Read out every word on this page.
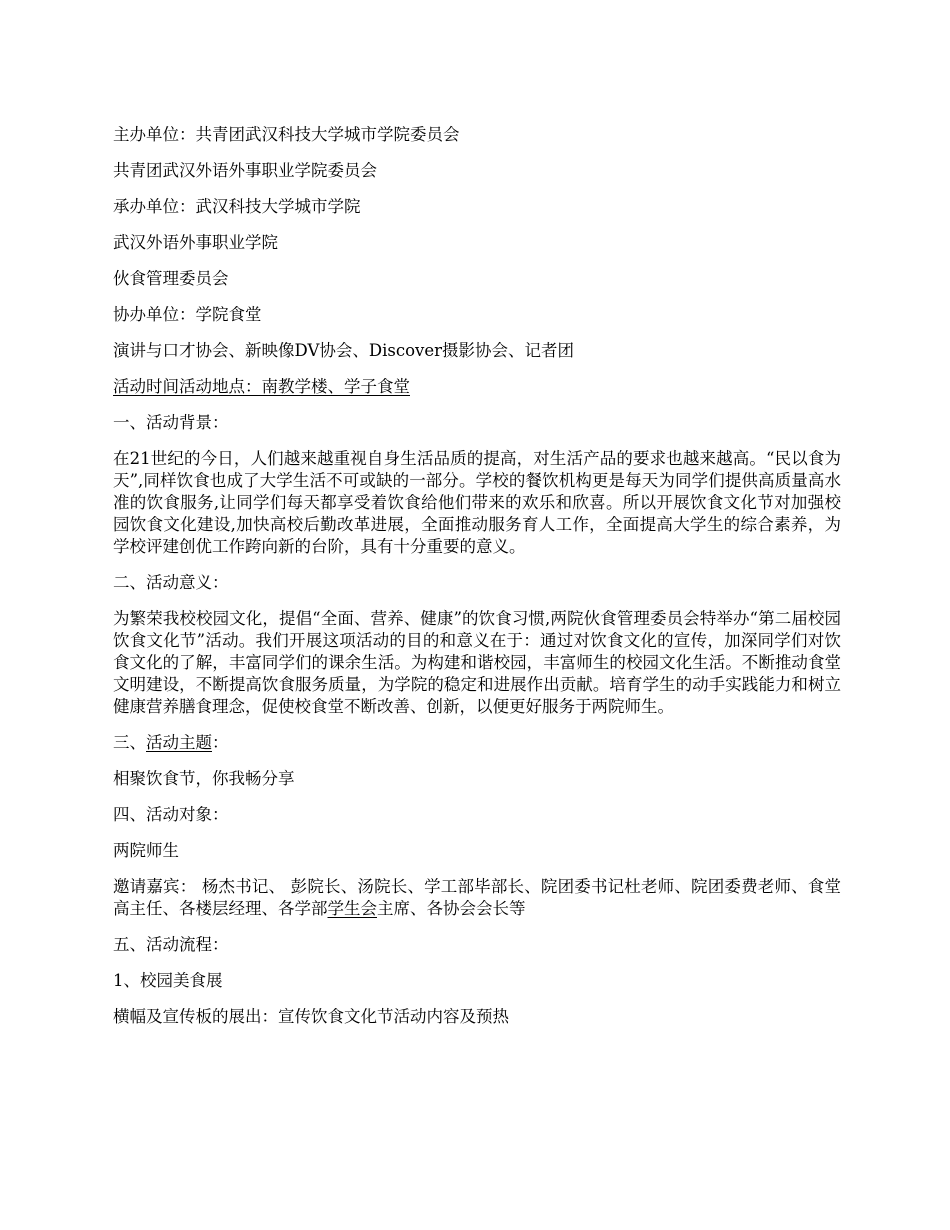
主办单位：共青团武汉科技大学城市学院委员会

共青团武汉外语外事职业学院委员会

承办单位：武汉科技大学城市学院

武汉外语外事职业学院

伙食管理委员会

协办单位：学院食堂

演讲与口才协会、新映像DV协会、Discover摄影协会、记者团

活动时间活动地点：南教学楼、学子食堂

一、活动背景：

在21世纪的今日，人们越来越重视自身生活品质的提高，对生活产品的要求也越来越高。“民以食为天”,同样饮食也成了大学生活不可或缺的一部分。学校的餐饮机构更是每天为同学们提供高质量高水准的饮食服务,让同学们每天都享受着饮食给他们带来的欢乐和欣喜。所以开展饮食文化节对加强校园饮食文化建设,加快高校后勤改革进展，全面推动服务育人工作，全面提高大学生的综合素养，为学校评建创优工作跨向新的台阶，具有十分重要的意义。

二、活动意义：

为繁荣我校校园文化，提倡“全面、营养、健康”的饮食习惯,两院伙食管理委员会特举办“第二届校园饮食文化节”活动。我们开展这项活动的目的和意义在于：通过对饮食文化的宣传，加深同学们对饮食文化的了解，丰富同学们的课余生活。为构建和谐校园，丰富师生的校园文化生活。不断推动食堂文明建设，不断提高饮食服务质量，为学院的稳定和进展作出贡献。培育学生的动手实践能力和树立健康营养膳食理念，促使校食堂不断改善、创新，以便更好服务于两院师生。

三、活动主题：

相聚饮食节，你我畅分享

四、活动对象：

两院师生

邀请嘉宾： 杨杰书记、 彭院长、汤院长、学工部毕部长、院团委书记杜老师、院团委费老师、食堂高主任、各楼层经理、各学部学生会主席、各协会会长等

五、活动流程：

1、校园美食展

横幅及宣传板的展出：宣传饮食文化节活动内容及预热
